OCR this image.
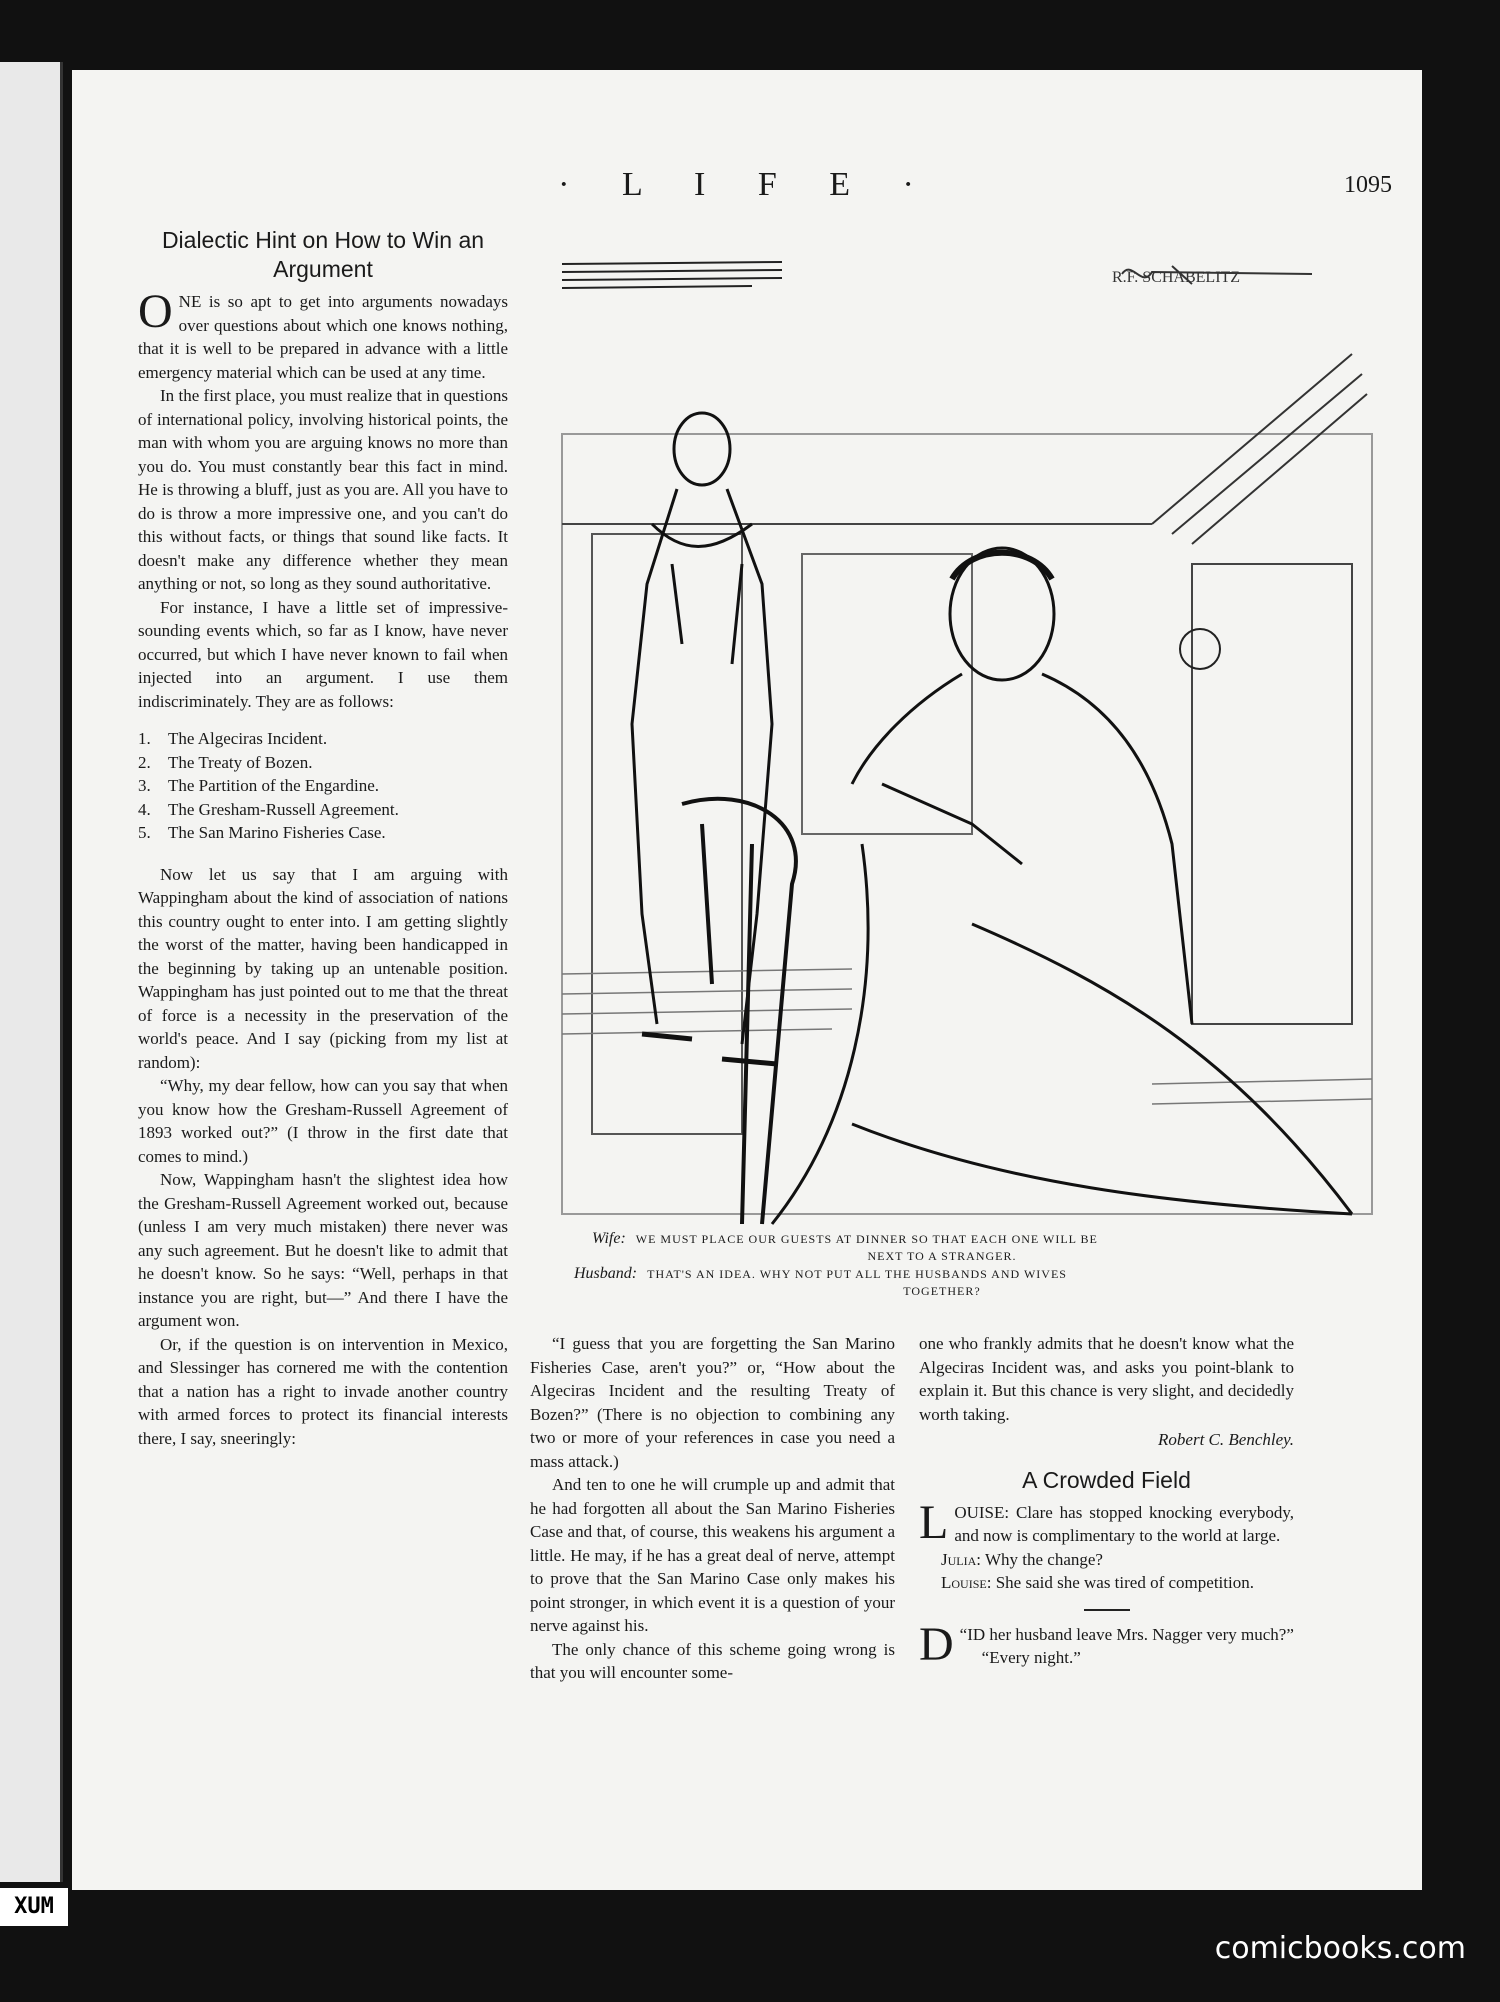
· L I F E ·	1095
Dialectic Hint on How to Win an Argument

ONE is so apt to get into arguments nowadays over questions about which one knows nothing, that it is well to be prepared in advance with a little emergency material which can be used at any time.

In the first place, you must realize that in questions of international policy, involving historical points, the man with whom you are arguing knows no more than you do. You must constantly bear this fact in mind. He is throwing a bluff, just as you are. All you have to do is throw a more impressive one, and you can't do this without facts, or things that sound like facts. It doesn't make any difference whether they mean anything or not, so long as they sound authoritative.

For instance, I have a little set of impressive-sounding events which, so far as I know, have never occurred, but which I have never known to fail when injected into an argument. I use them indiscriminately. They are as follows:

1. The Algeciras Incident.
2. The Treaty of Bozen.
3. The Partition of the Engardine.
4. The Gresham-Russell Agreement.
5. The San Marino Fisheries Case.

Now let us say that I am arguing with Wappingham about the kind of association of nations this country ought to enter into. I am getting slightly the worst of the matter, having been handicapped in the beginning by taking up an untenable position. Wappingham has just pointed out to me that the threat of force is a necessity in the preservation of the world's peace. And I say (picking from my list at random):

“Why, my dear fellow, how can you say that when you know how the Gresham-Russell Agreement of 1893 worked out?” (I throw in the first date that comes to mind.)

Now, Wappingham hasn't the slightest idea how the Gresham-Russell Agreement worked out, because (unless I am very much mistaken) there never was any such agreement. But he doesn't like to admit that he doesn't know. So he says: “Well, perhaps in that instance you are right, but—” And there I have the argument won.

Or, if the question is on intervention in Mexico, and Slessinger has cornered me with the contention that a nation has a right to invade another country with armed forces to protect its financial interests there, I say, sneeringly:

R.F. SCHABELITZ
Wife: WE MUST PLACE OUR GUESTS AT DINNER SO THAT EACH ONE WILL BE
NEXT TO A STRANGER.
Husband: THAT'S AN IDEA. WHY NOT PUT ALL THE HUSBANDS AND WIVES
TOGETHER?

“I guess that you are forgetting the San Marino Fisheries Case, aren't you?” or, “How about the Algeciras Incident and the resulting Treaty of Bozen?” (There is no objection to combining any two or more of your references in case you need a mass attack.)

And ten to one he will crumple up and admit that he had forgotten all about the San Marino Fisheries Case and that, of course, this weakens his argument a little. He may, if he has a great deal of nerve, attempt to prove that the San Marino Case only makes his point stronger, in which event it is a question of your nerve against his.

The only chance of this scheme going wrong is that you will encounter some-

one who frankly admits that he doesn't know what the Algeciras Incident was, and asks you point-blank to explain it. But this chance is very slight, and decidedly worth taking.

Robert C. Benchley.
A Crowded Field

LOUISE: Clare has stopped knocking everybody, and now is complimentary to the world at large.

Julia: Why the change?

Louise: She said she was tired of competition.

“
D ID her husband leave Mrs. Nagger very much?”

“Every night.”

XUM
comicbooks.com
